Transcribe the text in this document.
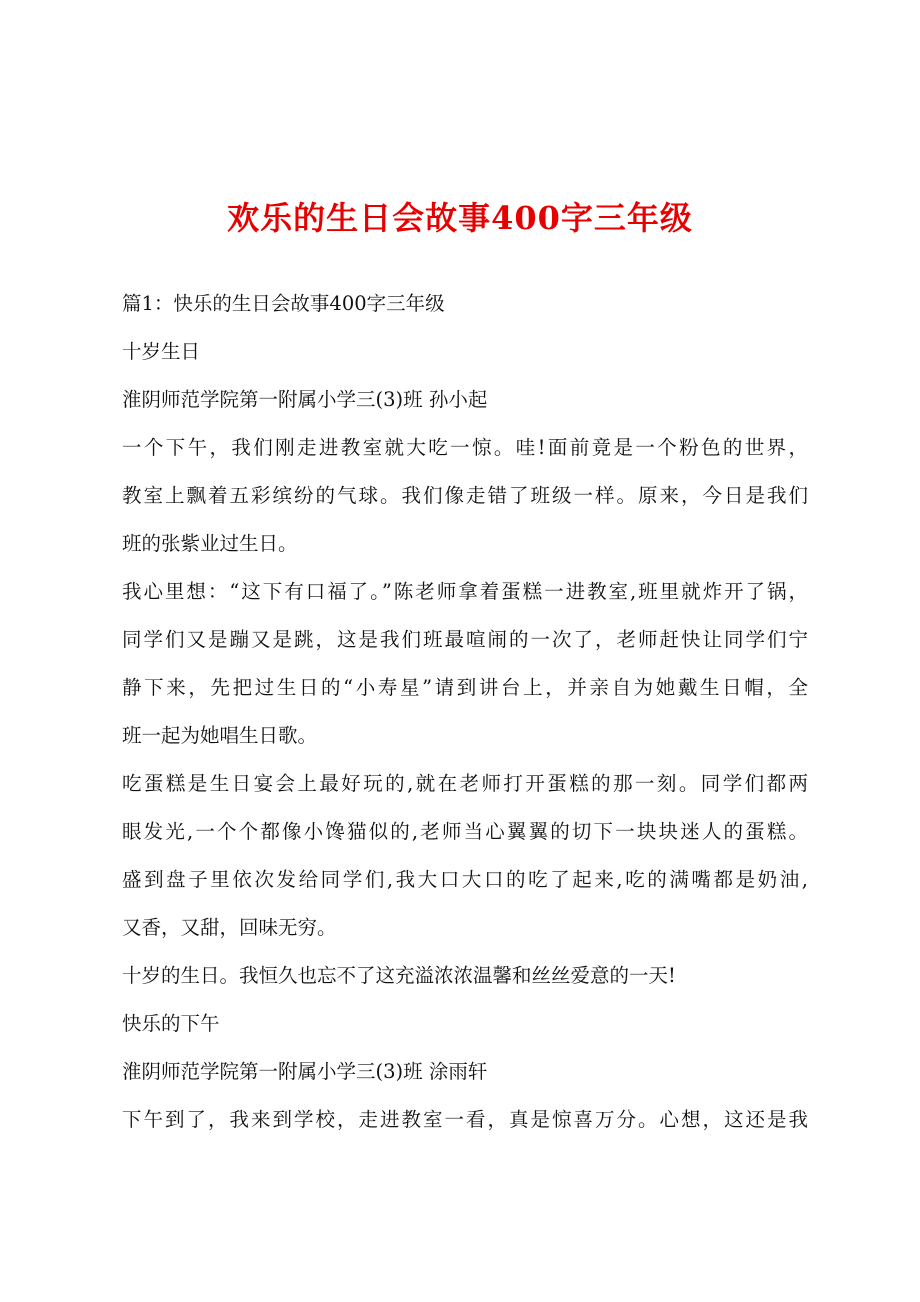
欢乐的生日会故事400字三年级
篇1：快乐的生日会故事400字三年级
十岁生日
淮阴师范学院第一附属小学三(3)班 孙小起
一个下午，我们刚走进教室就大吃一惊。哇!面前竟是一个粉色的世界，
教室上飘着五彩缤纷的气球。我们像走错了班级一样。原来，今日是我们
班的张紫业过生日。
我心里想：“这下有口福了。”陈老师拿着蛋糕一进教室,班里就炸开了锅，
同学们又是蹦又是跳，这是我们班最喧闹的一次了，老师赶快让同学们宁
静下来，先把过生日的“小寿星”请到讲台上，并亲自为她戴生日帽，全
班一起为她唱生日歌。
吃蛋糕是生日宴会上最好玩的,就在老师打开蛋糕的那一刻。同学们都两
眼发光,一个个都像小馋猫似的,老师当心翼翼的切下一块块迷人的蛋糕。
盛到盘子里依次发给同学们,我大口大口的吃了起来,吃的满嘴都是奶油,
又香，又甜，回味无穷。
十岁的生日。我恒久也忘不了这充溢浓浓温馨和丝丝爱意的一天!
快乐的下午
淮阴师范学院第一附属小学三(3)班 涂雨轩
下午到了，我来到学校，走进教室一看，真是惊喜万分。心想，这还是我
